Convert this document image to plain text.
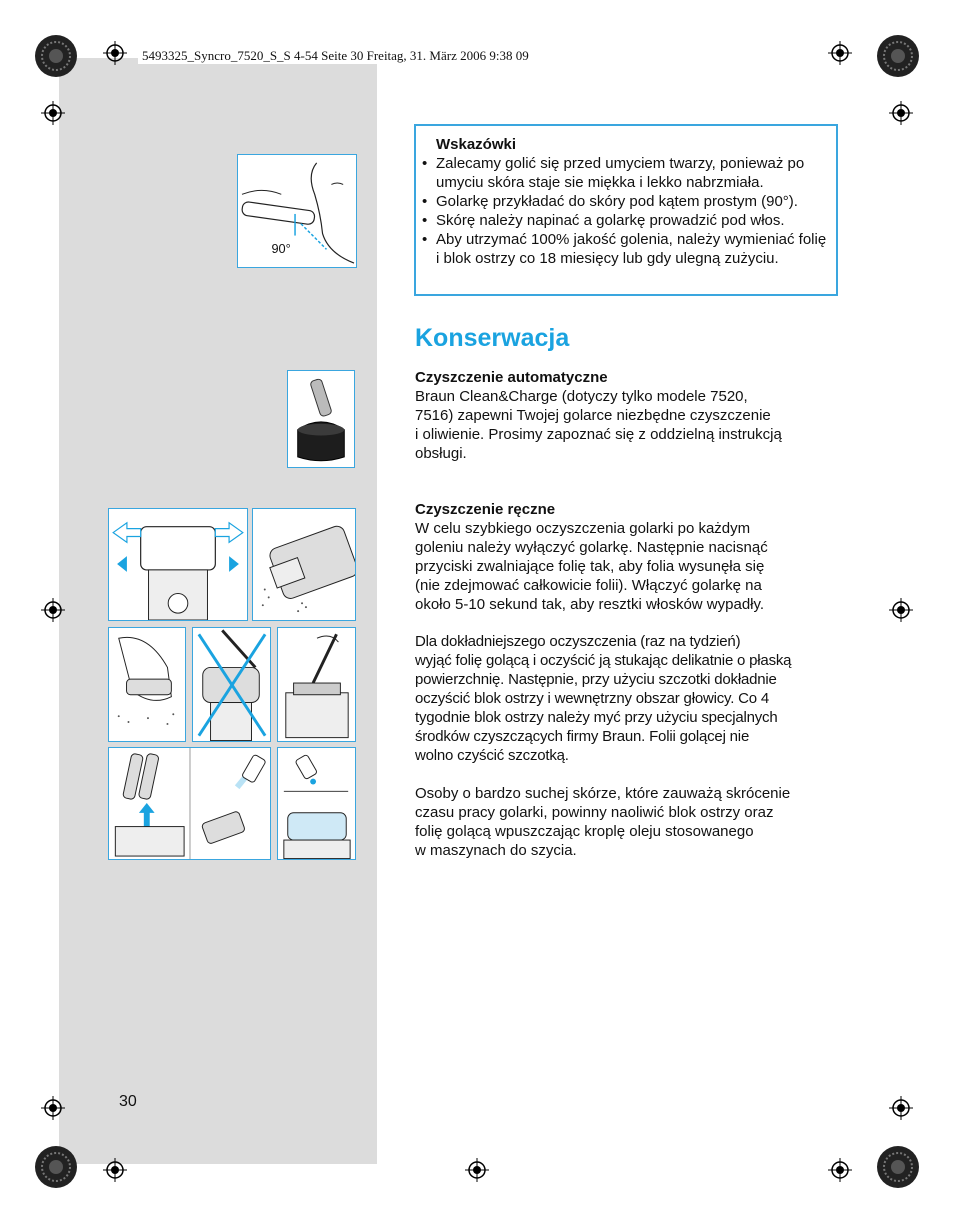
5493325_Syncro_7520_S_S 4-54 Seite 30 Freitag, 31. März 2006 9:38 09
90°
Wskazówki
• Zalecamy golić się przed umyciem twarzy, ponieważ po umyciu skóra staje sie miękka i lekko nabrzmiała.
• Golarkę przykładać do skóry pod kątem prostym (90°).
• Skórę należy napinać a golarkę prowadzić pod włos.
• Aby utrzymać 100% jakość golenia, należy wymieniać folię i blok ostrzy co 18 miesięcy lub gdy ulegną zużyciu.
Konserwacja
Czyszczenie automatyczne

Braun Clean&Charge (dotyczy tylko modele 7520,
7516) zapewni Twojej golarce niezbędne czyszczenie
i oliwienie. Prosimy zapoznać się z oddzielną instrukcją
obsługi.

Czyszczenie ręczne

W celu szybkiego oczyszczenia golarki po każdym
goleniu należy wyłączyć golarkę. Następnie nacisnąć
przyciski zwalniające folię tak, aby folia wysunęła się
(nie zdejmować całkowicie folii). Włączyć golarkę na
około 5-10 sekund tak, aby resztki włosków wypadły.

Dla dokładniejszego oczyszczenia (raz na tydzień)
wyjąć folię golącą i oczyścić ją stukając delikatnie o płaską
powierzchnię. Następnie, przy użyciu szczotki dokładnie
oczyścić blok ostrzy i wewnętrzny obszar głowicy. Co 4
tygodnie blok ostrzy należy myć przy użyciu specjalnych
środków czyszczących firmy Braun. Folii golącej nie
wolno czyścić szczotką.

Osoby o bardzo suchej skórze, które zauważą skrócenie
czasu pracy golarki, powinny naoliwić blok ostrzy oraz
folię golącą wpuszczając kroplę oleju stosowanego
w maszynach do szycia.

30
